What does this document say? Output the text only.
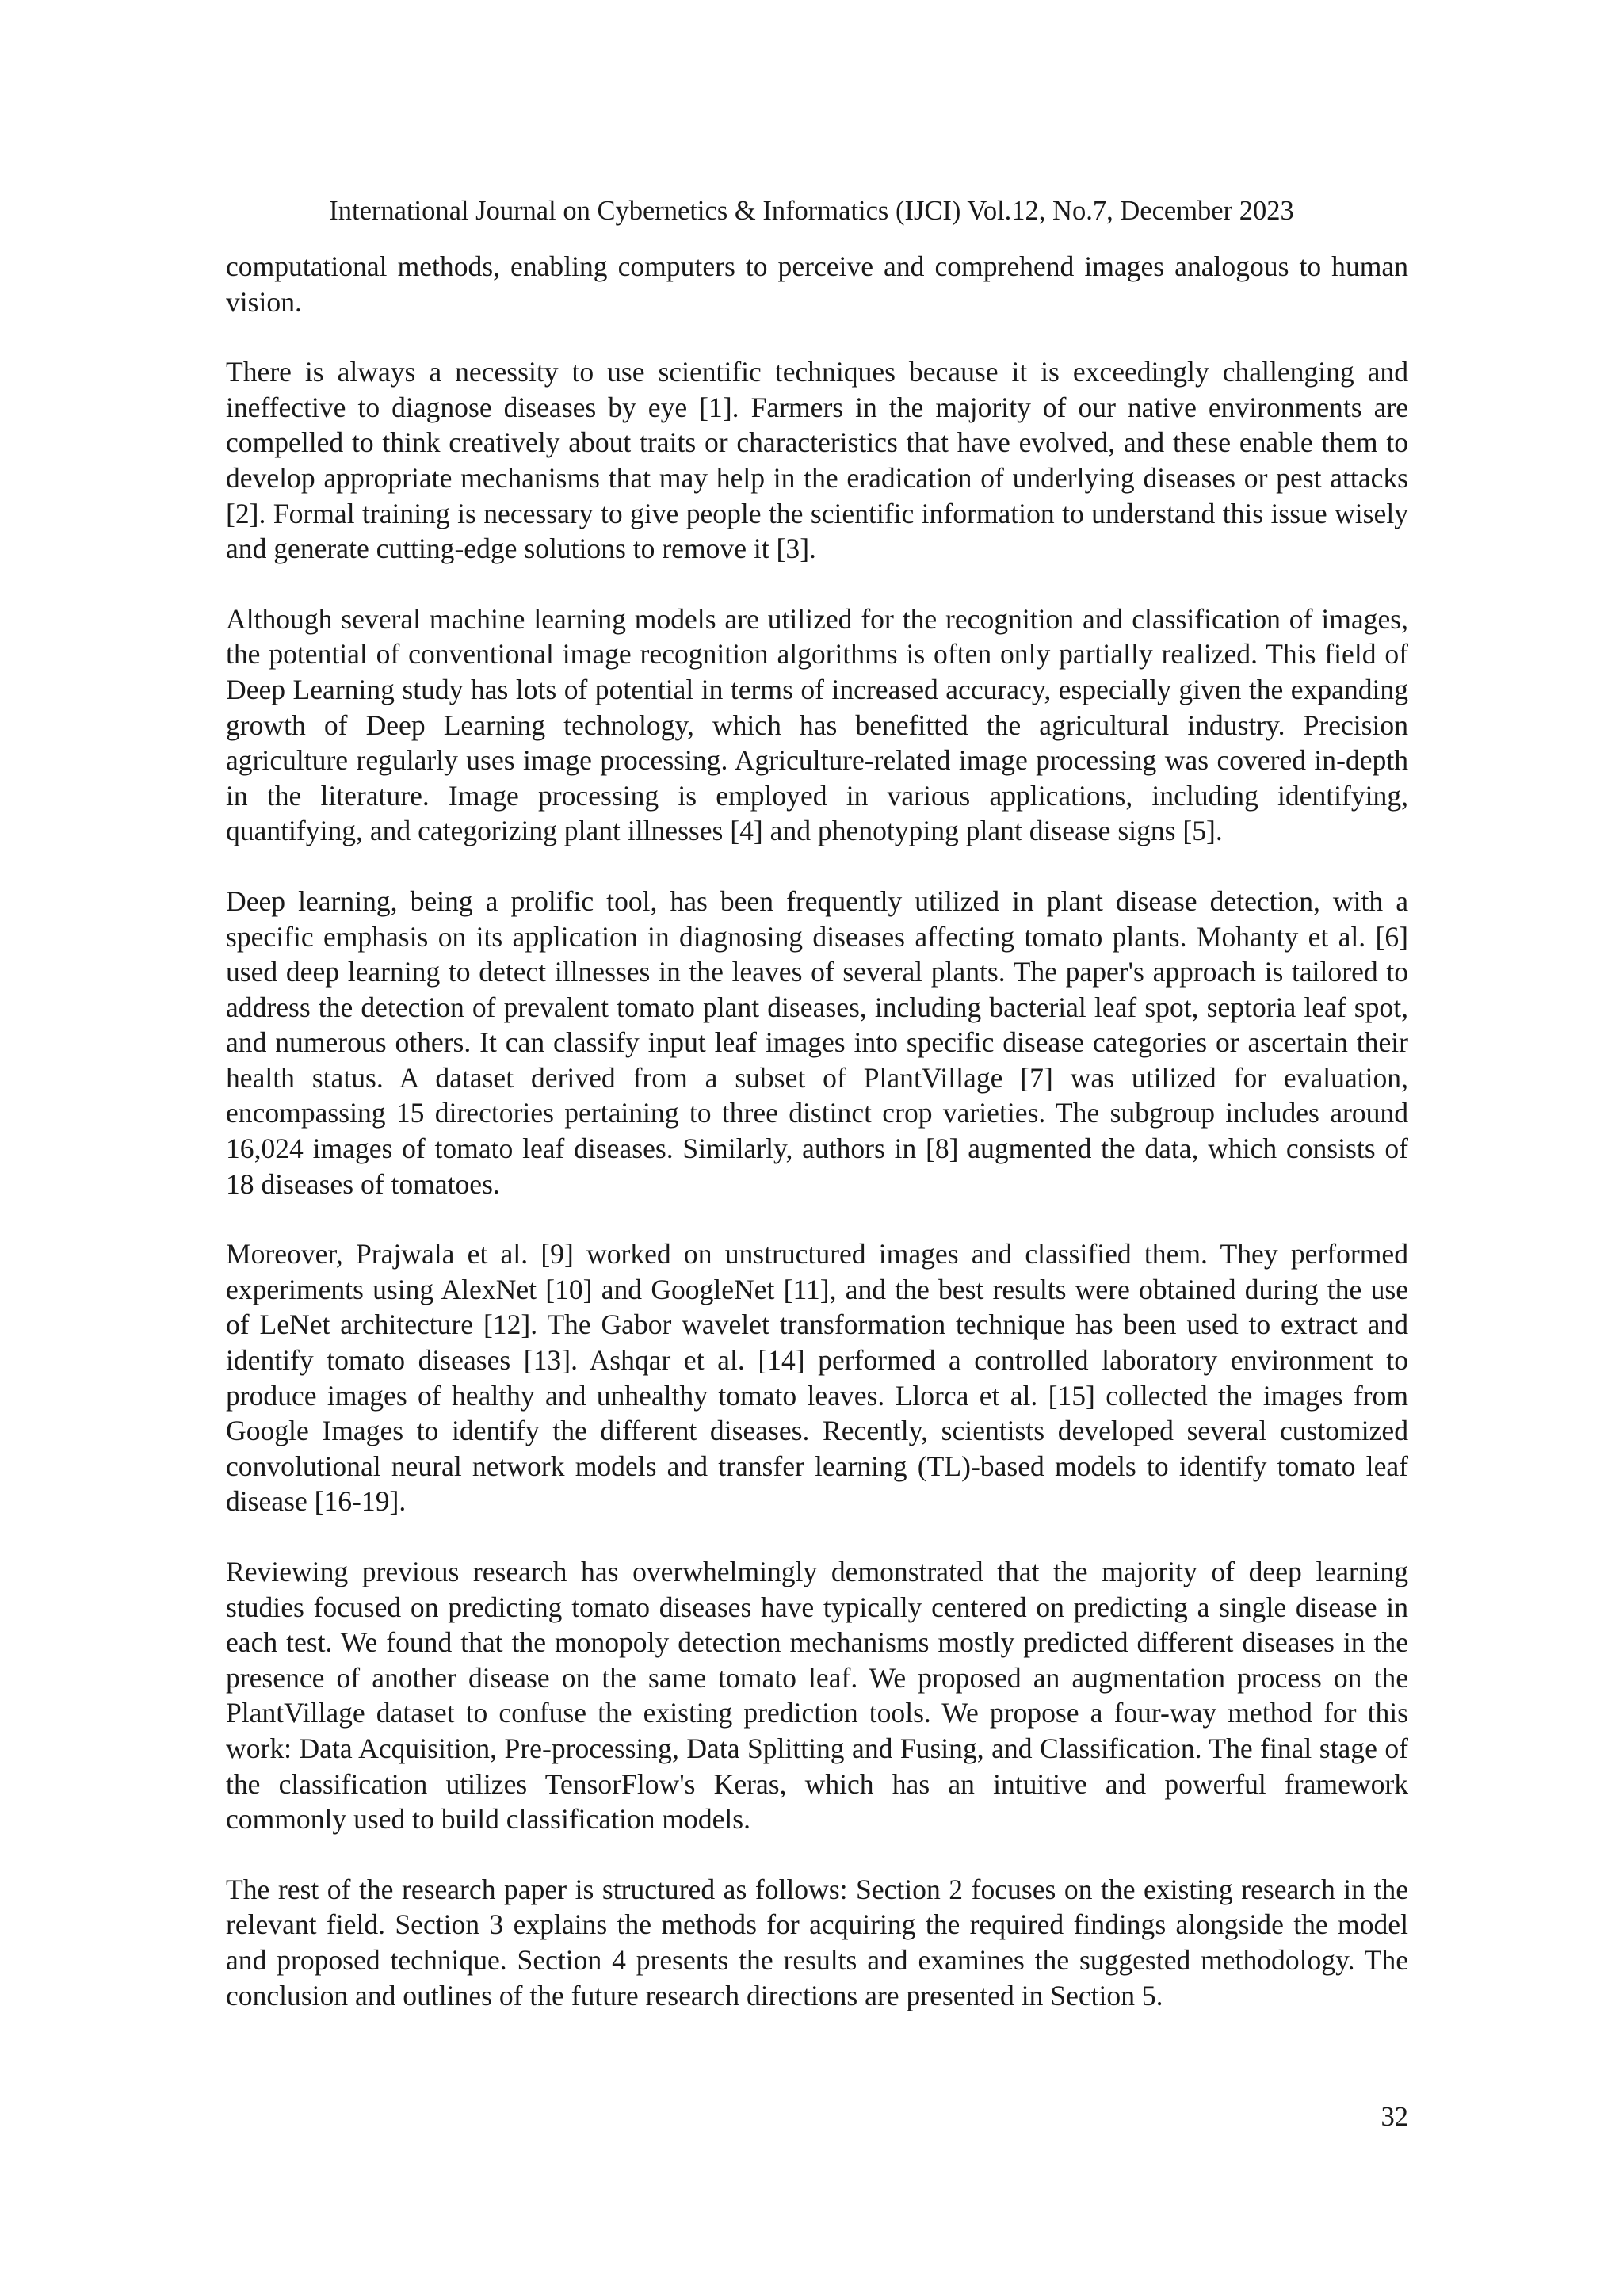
International Journal on Cybernetics & Informatics (IJCI) Vol.12, No.7, December 2023

computational methods, enabling computers to perceive and comprehend images analogous to human vision.

There is always a necessity to use scientific techniques because it is exceedingly challenging and ineffective to diagnose diseases by eye [1]. Farmers in the majority of our native environments are compelled to think creatively about traits or characteristics that have evolved, and these enable them to develop appropriate mechanisms that may help in the eradication of underlying diseases or pest attacks [2]. Formal training is necessary to give people the scientific information to understand this issue wisely and generate cutting-edge solutions to remove it [3].

Although several machine learning models are utilized for the recognition and classification of images, the potential of conventional image recognition algorithms is often only partially realized. This field of Deep Learning study has lots of potential in terms of increased accuracy, especially given the expanding growth of Deep Learning technology, which has benefitted the agricultural industry. Precision agriculture regularly uses image processing. Agriculture-related image processing was covered in-depth in the literature. Image processing is employed in various applications, including identifying, quantifying, and categorizing plant illnesses [4] and phenotyping plant disease signs [5].

Deep learning, being a prolific tool, has been frequently utilized in plant disease detection, with a specific emphasis on its application in diagnosing diseases affecting tomato plants. Mohanty et al. [6] used deep learning to detect illnesses in the leaves of several plants. The paper's approach is tailored to address the detection of prevalent tomato plant diseases, including bacterial leaf spot, septoria leaf spot, and numerous others. It can classify input leaf images into specific disease categories or ascertain their health status. A dataset derived from a subset of PlantVillage [7] was utilized for evaluation, encompassing 15 directories pertaining to three distinct crop varieties. The subgroup includes around 16,024 images of tomato leaf diseases. Similarly, authors in [8] augmented the data, which consists of 18 diseases of tomatoes.

Moreover, Prajwala et al. [9] worked on unstructured images and classified them. They performed experiments using AlexNet [10] and GoogleNet [11], and the best results were obtained during the use of LeNet architecture [12]. The Gabor wavelet transformation technique has been used to extract and identify tomato diseases [13]. Ashqar et al. [14] performed a controlled laboratory environment to produce images of healthy and unhealthy tomato leaves. Llorca et al. [15] collected the images from Google Images to identify the different diseases. Recently, scientists developed several customized convolutional neural network models and transfer learning (TL)-based models to identify tomato leaf disease [16-19].

Reviewing previous research has overwhelmingly demonstrated that the majority of deep learning studies focused on predicting tomato diseases have typically centered on predicting a single disease in each test. We found that the monopoly detection mechanisms mostly predicted different diseases in the presence of another disease on the same tomato leaf. We proposed an augmentation process on the PlantVillage dataset to confuse the existing prediction tools. We propose a four-way method for this work: Data Acquisition, Pre-processing, Data Splitting and Fusing, and Classification. The final stage of the classification utilizes TensorFlow's Keras, which has an intuitive and powerful framework commonly used to build classification models.

The rest of the research paper is structured as follows: Section 2 focuses on the existing research in the relevant field. Section 3 explains the methods for acquiring the required findings alongside the model and proposed technique. Section 4 presents the results and examines the suggested methodology. The conclusion and outlines of the future research directions are presented in Section 5.

32
